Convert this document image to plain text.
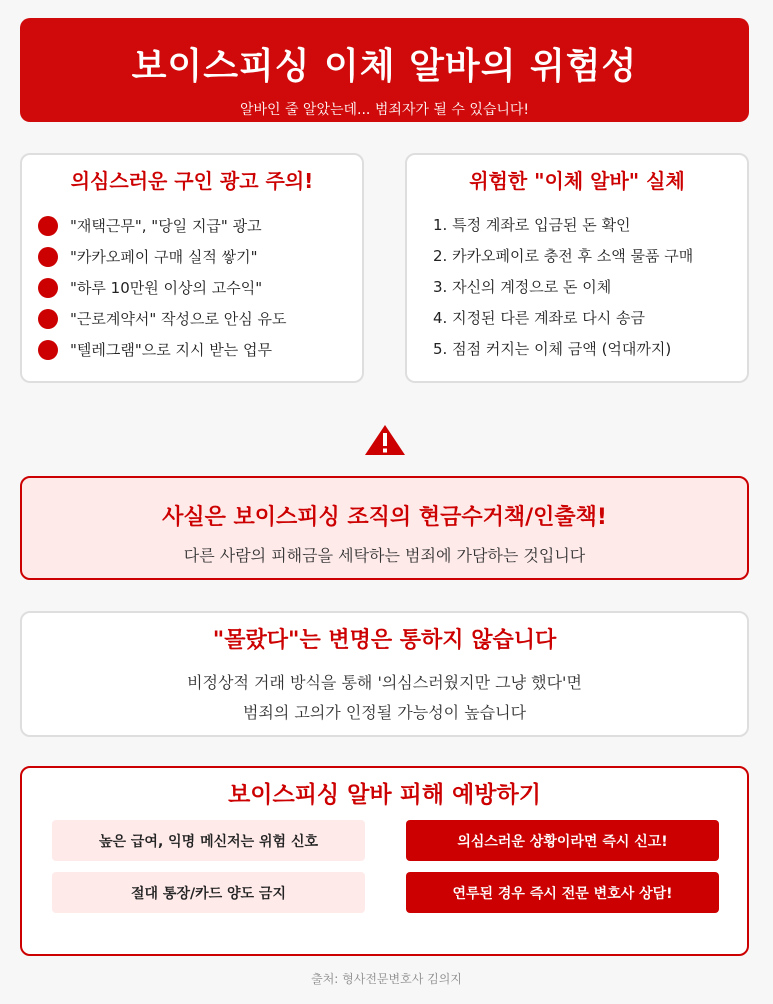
보이스피싱 이체 알바의 위험성
알바인 줄 알았는데... 범죄자가 될 수 있습니다!
의심스러운 구인 광고 주의!
"재택근무", "당일 지급" 광고
"카카오페이 구매 실적 쌓기"
"하루 10만원 이상의 고수익"
"근로계약서" 작성으로 안심 유도
"텔레그램"으로 지시 받는 업무
위험한 "이체 알바" 실체
1. 특정 계좌로 입금된 돈 확인
2. 카카오페이로 충전 후 소액 물품 구매
3. 자신의 계정으로 돈 이체
4. 지정된 다른 계좌로 다시 송금
5. 점점 커지는 이체 금액 (억대까지)
사실은 보이스피싱 조직의 현금수거책/인출책!
다른 사람의 피해금을 세탁하는 범죄에 가담하는 것입니다
"몰랐다"는 변명은 통하지 않습니다
비정상적 거래 방식을 통해 '의심스러웠지만 그냥 했다'면
범죄의 고의가 인정될 가능성이 높습니다
보이스피싱 알바 피해 예방하기
높은 급여, 익명 메신저는 위험 신호	의심스러운 상황이라면 즉시 신고!
절대 통장/카드 양도 금지	연루된 경우 즉시 전문 변호사 상담!
출처: 형사전문변호사 김의지
